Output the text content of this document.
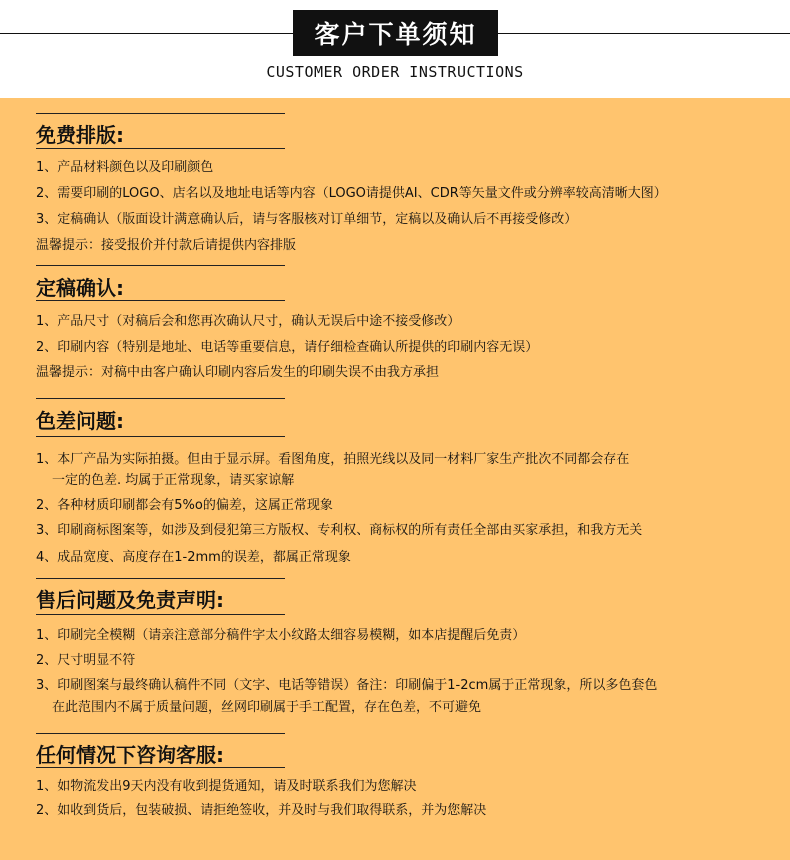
客户下单须知
CUSTOMER ORDER INSTRUCTIONS
免费排版:
1、产品材料颜色以及印刷颜色
2、需要印刷的LOGO、店名以及地址电话等内容（LOGO请提供AI、CDR等矢量文件或分辨率较高清晰大图）
3、定稿确认（版面设计满意确认后，请与客服核对订单细节，定稿以及确认后不再接受修改）
温馨提示：接受报价并付款后请提供内容排版
定稿确认:
1、产品尺寸（对稿后会和您再次确认尺寸，确认无误后中途不接受修改）
2、印刷内容（特别是地址、电话等重要信息，请仔细检查确认所提供的印刷内容无误）
温馨提示：对稿中由客户确认印刷内容后发生的印刷失误不由我方承担
色差问题:
1、本厂产品为实际拍摄。但由于显示屏。看图角度，拍照光线以及同一材料厂家生产批次不同都会存在
一定的色差. 均属于正常现象，请买家谅解
2、各种材质印刷都会有5%o的偏差，这属正常现象
3、印刷商标图案等，如涉及到侵犯第三方版权、专利权、商标权的所有责任全部由买家承担，和我方无关
4、成品宽度、高度存在1-2mm的误差，都属正常现象
售后问题及免责声明:
1、印刷完全模糊（请亲注意部分稿件字太小纹路太细容易模糊，如本店提醒后免责）
2、尺寸明显不符
3、印刷图案与最终确认稿件不同（文字、电话等错误）备注：印刷偏于1-2cm属于正常现象，所以多色套色
在此范围内不属于质量问题，丝网印刷属于手工配置，存在色差，不可避免
任何情况下咨询客服:
1、如物流发出9天内没有收到提货通知，请及时联系我们为您解决
2、如收到货后，包装破损、请拒绝签收，并及时与我们取得联系，并为您解决
